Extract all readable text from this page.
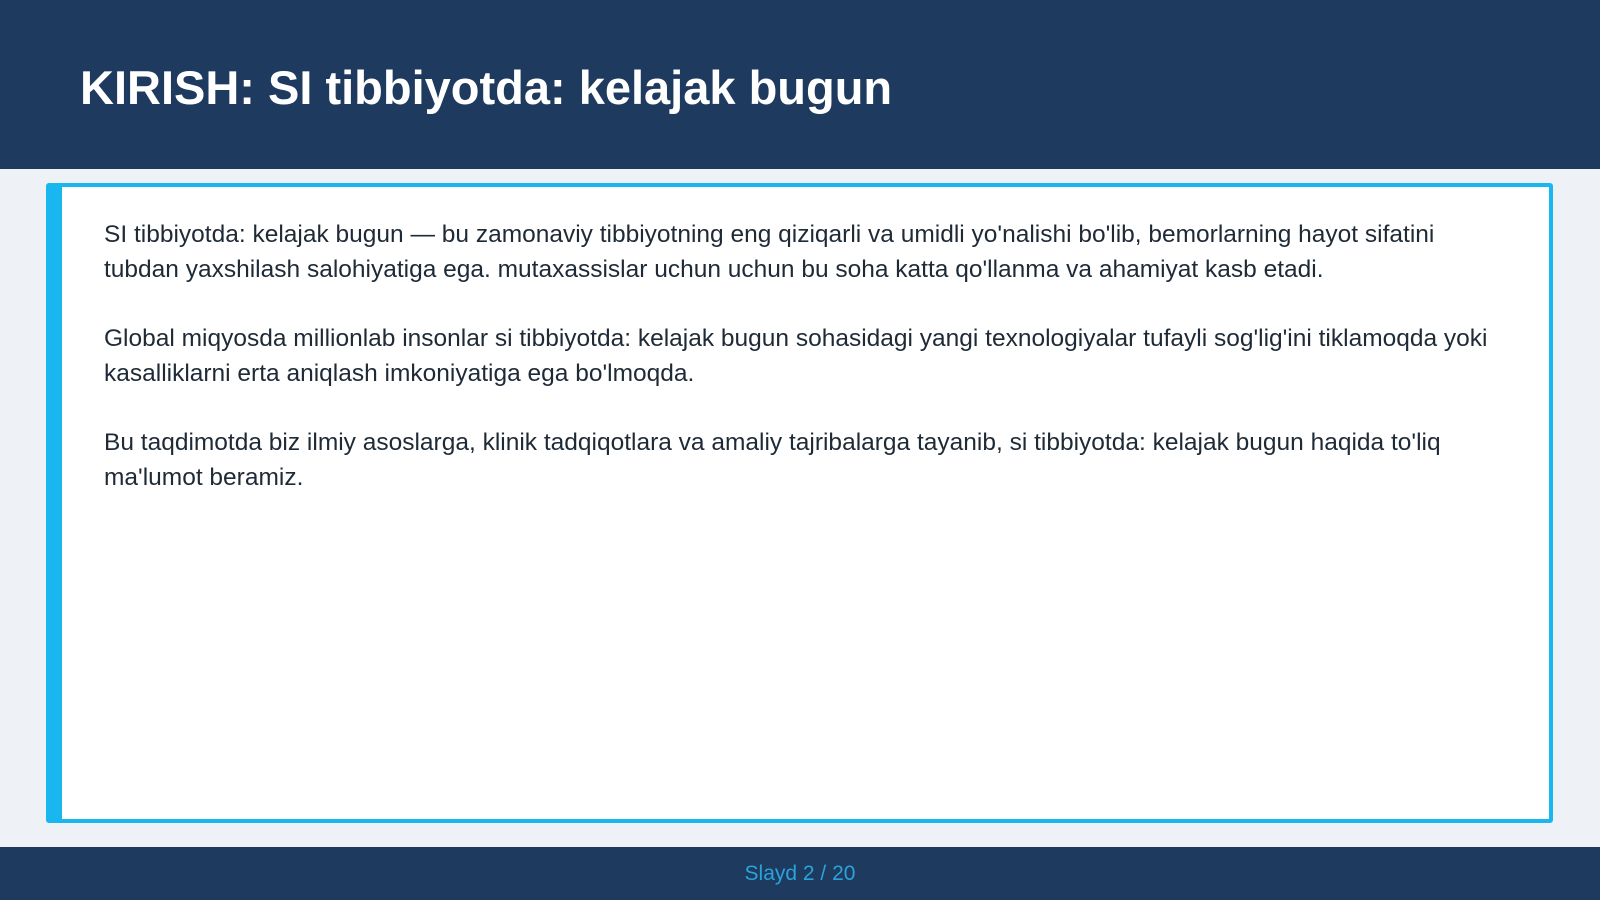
KIRISH: SI tibbiyotda: kelajak bugun

SI tibbiyotda: kelajak bugun — bu zamonaviy tibbiyotning eng qiziqarli va umidli yo'nalishi bo'lib, bemorlarning hayot sifatini tubdan yaxshilash salohiyatiga ega. mutaxassislar uchun uchun bu soha katta qo'llanma va ahamiyat kasb etadi.

Global miqyosda millionlab insonlar si tibbiyotda: kelajak bugun sohasidagi yangi texnologiyalar tufayli sog'lig'ini tiklamoqda yoki kasalliklarni erta aniqlash imkoniyatiga ega bo'lmoqda.

Bu taqdimotda biz ilmiy asoslarga, klinik tadqiqotlara va amaliy tajribalarga tayanib, si tibbiyotda: kelajak bugun haqida to'liq ma'lumot beramiz.

Slayd 2 / 20
